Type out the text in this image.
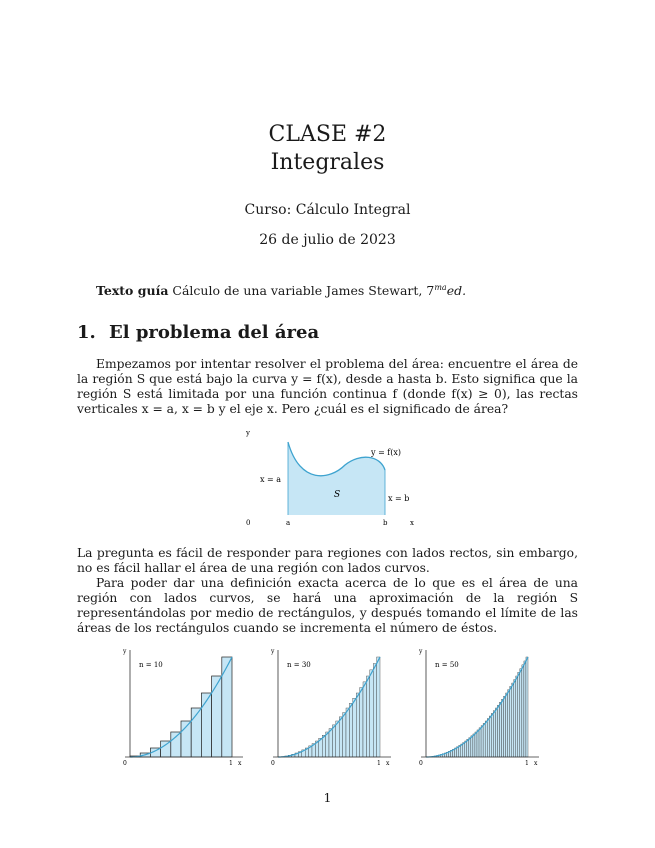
CLASE #2
Integrales
Curso: Cálculo Integral
26 de julio de 2023
Texto guía Cálculo de una variable James Stewart, $7^{ma}ed$.
1. El problema del área

Empezamos por intentar resolver el problema del área: encuentre el área de la región S que está bajo la curva y = f(x), desde a hasta b. Esto significa que la región S está limitada por una función continua f (donde f(x) ≥ 0), las rectas verticales x = a, x = b y el eje x. Pero ¿cuál es el significado de área?

y
0	x
y = f(x)
x = a
x = b
S
a	b

La pregunta es fácil de responder para regiones con lados rectos, sin embargo, no es fácil hallar el área de una región con lados curvos.

Para poder dar una definición exacta acerca de lo que es el área de una región con lados curvos, se hará una aproximación de la región S representándolas por medio de rectángulos, y después tomando el límite de las áreas de los rectángulos cuando se incrementa el número de éstos.

y
0	1 x
n = 10
y
0	1 x
n = 30
y
0	1 x
n = 50
1
